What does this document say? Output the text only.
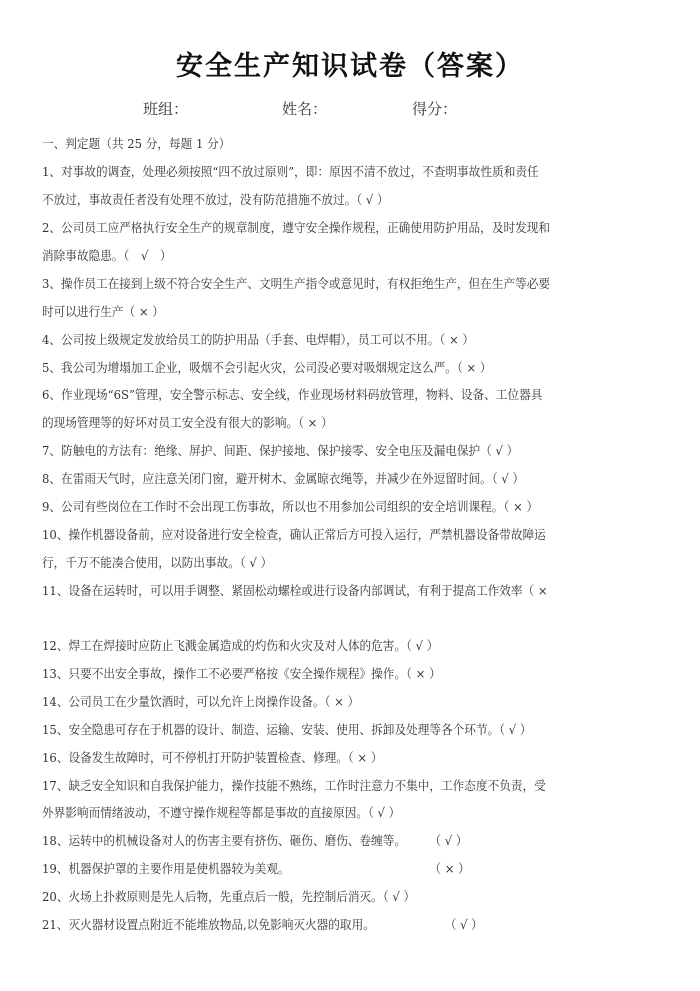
安全生产知识试卷（答案）
班组：	姓名：	得分：
一、判定题（共 25 分，每题 1 分）
1、对事故的调查，处理必须按照“四不放过原则”，即：原因不清不放过，不查明事故性质和责任
不放过，事故责任者没有处理不放过，没有防范措施不放过。（ √ ）
2、公司员工应严格执行安全生产的规章制度，遵守安全操作规程，正确使用防护用品，及时发现和
消除事故隐患。（　√　）
3、操作员工在接到上级不符合安全生产、文明生产指令或意见时，有权拒绝生产，但在生产等必要
时可以进行生产（ × ）
4、公司按上级规定发放给员工的防护用品（手套、电焊帽），员工可以不用。（ × ）
5、我公司为增塌加工企业，吸烟不会引起火灾，公司没必要对吸烟规定这么严。（ × ）
6、作业现场“6S”管理，安全警示标志、安全线，作业现场材料码放管理，物料、设备、工位器具
的现场管理等的好坏对员工安全没有很大的影响。（ × ）
7、防触电的方法有：绝缘、屏护、间距、保护接地、保护接零、安全电压及漏电保护（ √ ）
8、在雷雨天气时，应注意关闭门窗，避开树木、金属晾衣绳等，并减少在外逗留时间。（ √ ）
9、公司有些岗位在工作时不会出现工伤事故，所以也不用参加公司组织的安全培训课程。（ × ）
10、操作机器设备前，应对设备进行安全检查，确认正常后方可投入运行，严禁机器设备带故障运
行，千万不能凑合使用，以防出事故。（ √ ）
11、设备在运转时，可以用手调整、紧固松动螺栓或进行设备内部调试，有利于提高工作效率（ ×
12、焊工在焊接时应防止飞溅金属造成的灼伤和火灾及对人体的危害。（ √ ）
13、只要不出安全事故，操作工不必要严格按《安全操作规程》操作。（ × ）
14、公司员工在少量饮酒时，可以允许上岗操作设备。（ × ）
15、安全隐患可存在于机器的设计、制造、运输、安装、使用、拆卸及处理等各个环节。（ √ ）
16、设备发生故障时，可不停机打开防护装置检查、修理。（ × ）
17、缺乏安全知识和自我保护能力，操作技能不熟练，工作时注意力不集中，工作态度不负责，受
外界影响而情绪波动，不遵守操作规程等都是事故的直接原因。（ √ ）
18、运转中的机械设备对人的伤害主要有挤伤、砸伤、磨伤、卷缠等。　　　（ √ ）
19、机器保护罩的主要作用是使机器较为美观。　　　　　　　　　　　　　（ × ）
20、火场上扑救原则是先人后物，先重点后一般，先控制后消灭。（ √ ）
21、灭火器材设置点附近不能堆放物品,以免影响灭火器的取用。　　　　　　　（ √ ）
